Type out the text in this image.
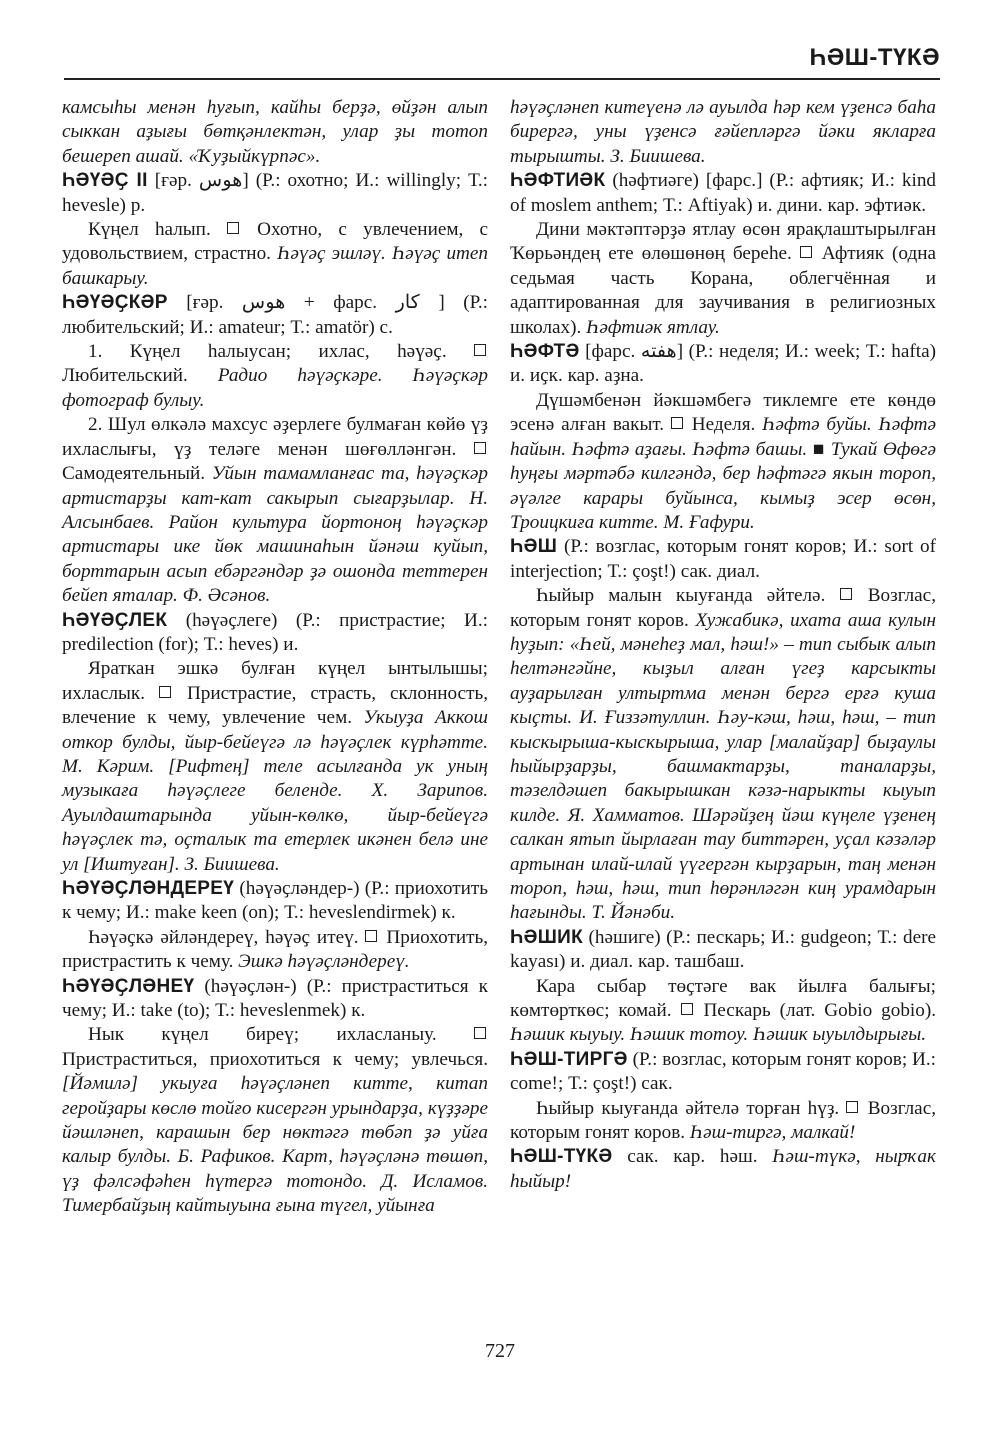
ҺӘШ-ТҮКӘ

камсыһы менән һуғып, кайһы берҙә, өйҙән алып сыккан аҙығы бөтқәнлектән, улар ҙы тотоп бешереп ашай. «Ҡуҙыйкүрпәс».

ҺӘҮӘҪ II [ғәр. هوس] (Р.: охотно; И.: willingly; Т.: hevesle) р.

Күңел һалып. Охотно, с увлечением, с удовольствием, страстно. Һәүәҫ эшләү. Һәүәҫ итеп башкарыу.

ҺӘҮӘҪКӘР [ғәр. هوس + фарс. كار ] (Р.: любительский; И.: amateur; Т.: amatör) с.

1. Күңел һалыусан; ихлас, һәүәҫ.  Любительский. Радио һәүәҫкәре. Һәүәҫкәр фотограф булыу.

2. Шул өлкәлә махсус әҙерлеге булмаған көйө үҙ ихласлығы, үҙ теләге менән шөғөлләнгән.  Самодеятельный. Уйын тамамланғас та, һәүәҫкәр артистарҙы кат-кат сакырып сығарҙылар. Н. Алсынбаев. Район культура йортоноң һәүәҫкәр артистары ике йөк машинаһын йәнәш куйып, борттарын асып ебәргәндәр ҙә ошонда теттерен бейеп яталар. Ф. Әсәнов.

ҺӘҮӘҪЛЕК (һәүәҫлеге) (Р.: пристрастие; И.: predilection (for); Т.: heves) и.

Яраткан эшкә булған күңел ынтылышы; ихласлык. Пристрастие, страсть, склонность, влечение к чему, увлечение чем. Укыуҙа Аккош откор булды, йыр-бейеүгә лә һәүәҫлек күрһәтте. М. Кәрим. [Рифтең] теле асылғанда ук уның музыкаға һәүәҫлеге беленде. Х. Зарипов. Ауылдаштарында уйын-көлкө, йыр-бейеүгә һәүәҫлек тә, оҫталык та етерлек икәнен белә ине ул [Иштуған]. З. Биишева.

ҺӘҮӘҪЛӘНДЕРЕҮ (һәүәҫләндер-) (Р.: приохотить к чему; И.: make keen (on); Т.: heveslendirmek) к.

Һәүәҫкә әйләндереү, һәүәҫ итеү. Приохотить, пристрастить к чему. Эшкә һәүәҫләндереү.

ҺӘҮӘҪЛӘНЕҮ (һәүәҫлән-) (Р.: пристраститься к чему; И.: take (to); Т.: heveslenmek) к.

Нык күңел биреү; ихласланыу.  Пристраститься, приохотиться к чему; увлечься. [Йәмилә] укыуға һәүәҫләнеп китте, китап геройҙары көслө тойғо кисергән урындарҙа, күҙҙәре йәшләнеп, карашын бер нөктәгә төбәп ҙә уйға калыр булды. Б. Рафиков. Карт, һәүәҫләнә төшөп, үҙ фәлсәфәһен һүтергә тотондо. Д. Исламов. Тимербайҙың кайтыуына ғына түгел, уйынға

һәүәҫләнеп китеүенә лә ауылда һәр кем үҙенсә баһа бирергә, уны үҙенсә ғәйепләргә йәки якларға тырышты. З. Биишева.

ҺӘФТИӘК (һәфтиәге) [фарс.] (Р.: афтияк; И.: kind of moslem anthem; Т.: Aftiyak) и. дини. кар. эфтиәк.

Дини мәктәптәрҙә ятлау өсөн ярақлаштырылған Ҡөрьәндең ете өлөшөнөң береһе. Афтияк (одна седьмая часть Корана, облегчённая и адаптированная для заучивания в религиозных школах). Һәфтиәк ятлау.

ҺӘФТӘ [фарс. هفته] (Р.: неделя; И.: week; Т.: hafta) и. иҫк. кар. аҙна.

Дүшәмбенән йәкшәмбегә тиклемге ете көндө эсенә алған вакыт. Неделя. Һәфтә буйы. Һәфтә һайын. Һәфтә аҙағы. Һәфтә башы. ■ Тукай Өфөгә һуңғы мәртәбә килгәндә, бер һәфтәгә якын тороп, әүәлге карары буйынса, кымыҙ эсер өсөн, Троицкиға китте. М. Ғафури.

ҺӘШ (Р.: возглас, которым гонят коров; И.: sort of interjection; Т.: çoşt!) сак. диал.

Һыйыр малын кыуғанда әйтелә. Возглас, которым гонят коров. Хужабикә, ихата аша кулын һуҙып: «Һей, мәнеһеҙ мал, һәш!» – тип сыбык алып һелтәнгәйне, кыҙыл алған үгеҙ карсыкты ауҙарылған ултыртма менән бергә ерғә куша кыҫты. И. Ғиззәтуллин. Һәу-кәш, һәш, һәш, – тип кыскырыша-кыскырыша, улар [малайҙар] быҙаулы һыйырҙарҙы, башмактарҙы, таналарҙы, тәзелдәшеп бакырышкан кәзә-нарыкты кыуып килде. Я. Хамматов. Шәрәйҙең йәш күңеле үҙенең салкан ятып йырлаған тау биттәрен, уҫал кәзәләр артынан илай-илай үүгергән кырҙарын, таң менән тороп, һәш, һәш, тип һөрәнләгән киң урамдарын һағынды. Т. Йәнәби.

ҺӘШИК (һәшиге) (Р.: пескарь; И.: gudgeon; Т.: dere kayası) и. диал. кар. ташбаш.

Кара сыбар төҫтәге вак йылға балығы; көмтөрткөс; комай. Пескарь (лат. Gobio gobio). Һәшик кыуыу. Һәшик тотоу. Һәшик ыуылдырығы.

ҺӘШ-ТИРГӘ (Р.: возглас, которым гонят коров; И.: come!; Т.: çoşt!) сак.

Һыйыр кыуғанда әйтелә торған һүҙ. Возглас, которым гонят коров. Һәш-тиргә, малкай!

ҺӘШ-ТҮКӘ сак. кар. һәш. Һәш-түкә, нырҡак һыйыр!

727
